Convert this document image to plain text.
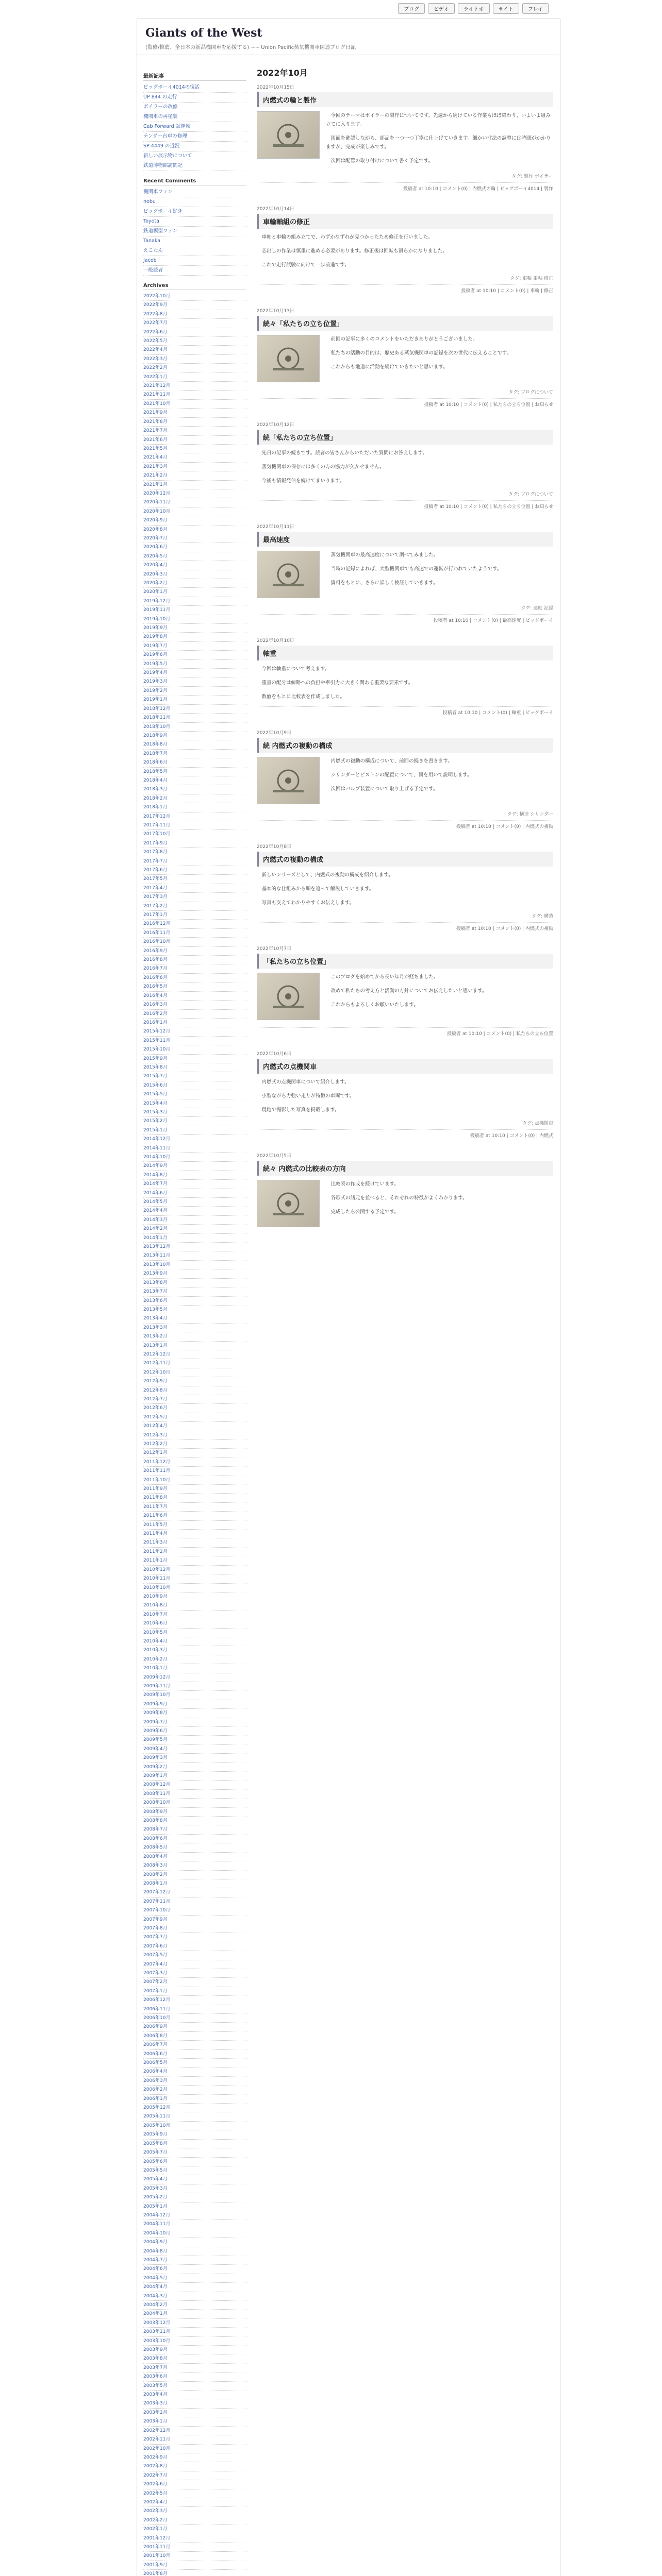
ブログ	ビデオ	ライトボ	サイト	フレイ
Giants of the West
(監修/推薦、全日本の新品機関車を応援する) ~~ Union Pacific蒸気機関車関連ブログ日記
最新記事
ビッグボーイ4014の復活
UP 844 の走行
ボイラーの改修
機関車の再塗装
Cab Forward 試運転
テンダー台車の修理
SP 4449 の近況
新しい展示物について
鉄道博物館訪問記
Recent Comments
機関車ファン
nobu
ビッグボーイ好き
Toyota
鉄道模型ファン
Tanaka
えこたん
Jacob
一般読者
Archives
2022年10月
2022年9月
2022年8月
2022年7月
2022年6月
2022年5月
2022年4月
2022年3月
2022年2月
2022年1月
2021年12月
2021年11月
2021年10月
2021年9月
2021年8月
2021年7月
2021年6月
2021年5月
2021年4月
2021年3月
2021年2月
2021年1月
2020年12月
2020年11月
2020年10月
2020年9月
2020年8月
2020年7月
2020年6月
2020年5月
2020年4月
2020年3月
2020年2月
2020年1月
2019年12月
2019年11月
2019年10月
2019年9月
2019年8月
2019年7月
2019年6月
2019年5月
2019年4月
2019年3月
2019年2月
2019年1月
2018年12月
2018年11月
2018年10月
2018年9月
2018年8月
2018年7月
2018年6月
2018年5月
2018年4月
2018年3月
2018年2月
2018年1月
2017年12月
2017年11月
2017年10月
2017年9月
2017年8月
2017年7月
2017年6月
2017年5月
2017年4月
2017年3月
2017年2月
2017年1月
2016年12月
2016年11月
2016年10月
2016年9月
2016年8月
2016年7月
2016年6月
2016年5月
2016年4月
2016年3月
2016年2月
2016年1月
2015年12月
2015年11月
2015年10月
2015年9月
2015年8月
2015年7月
2015年6月
2015年5月
2015年4月
2015年3月
2015年2月
2015年1月
2014年12月
2014年11月
2014年10月
2014年9月
2014年8月
2014年7月
2014年6月
2014年5月
2014年4月
2014年3月
2014年2月
2014年1月
2013年12月
2013年11月
2013年10月
2013年9月
2013年8月
2013年7月
2013年6月
2013年5月
2013年4月
2013年3月
2013年2月
2013年1月
2012年12月
2012年11月
2012年10月
2012年9月
2012年8月
2012年7月
2012年6月
2012年5月
2012年4月
2012年3月
2012年2月
2012年1月
2011年12月
2011年11月
2011年10月
2011年9月
2011年8月
2011年7月
2011年6月
2011年5月
2011年4月
2011年3月
2011年2月
2011年1月
2010年12月
2010年11月
2010年10月
2010年9月
2010年8月
2010年7月
2010年6月
2010年5月
2010年4月
2010年3月
2010年2月
2010年1月
2009年12月
2009年11月
2009年10月
2009年9月
2009年8月
2009年7月
2009年6月
2009年5月
2009年4月
2009年3月
2009年2月
2009年1月
2008年12月
2008年11月
2008年10月
2008年9月
2008年8月
2008年7月
2008年6月
2008年5月
2008年4月
2008年3月
2008年2月
2008年1月
2007年12月
2007年11月
2007年10月
2007年9月
2007年8月
2007年7月
2007年6月
2007年5月
2007年4月
2007年3月
2007年2月
2007年1月
2006年12月
2006年11月
2006年10月
2006年9月
2006年8月
2006年7月
2006年6月
2006年5月
2006年4月
2006年3月
2006年2月
2006年1月
2005年12月
2005年11月
2005年10月
2005年9月
2005年8月
2005年7月
2005年6月
2005年5月
2005年4月
2005年3月
2005年2月
2005年1月
2004年12月
2004年11月
2004年10月
2004年9月
2004年8月
2004年7月
2004年6月
2004年5月
2004年4月
2004年3月
2004年2月
2004年1月
2003年12月
2003年11月
2003年10月
2003年9月
2003年8月
2003年7月
2003年6月
2003年5月
2003年4月
2003年3月
2003年2月
2003年1月
2002年12月
2002年11月
2002年10月
2002年9月
2002年8月
2002年7月
2002年6月
2002年5月
2002年4月
2002年3月
2002年2月
2002年1月
2001年12月
2001年11月
2001年10月
2001年9月
2001年8月
2022年10月
2022年10月15日
内燃式の輪と製作

今回のテーマはボイラーの製作についてです。先週から続けている作業もほぼ終わり、いよいよ組み立てに入ります。

図面を確認しながら、部品を一つ一つ丁寧に仕上げていきます。細かい寸法の調整には時間がかかりますが、完成が楽しみです。

次回は配管の取り付けについて書く予定です。

タグ: 製作 ボイラー
投稿者 at 10:10 | コメント(0) | 内燃式の輪 | ビッグボーイ4014 | 製作
2022年10月14日
車輪軸組の修正

車軸と車輪の組み立てで、わずかなずれが見つかったため修正を行いました。

芯出しの作業は慎重に進める必要があります。修正後は回転も滑らかになりました。

これで走行試験に向けて一歩前進です。

タグ: 車輪 車軸 修正
投稿者 at 10:10 | コメント(0) | 車輪 | 修正
2022年10月13日
続々「私たちの立ち位置」

前回の記事に多くのコメントをいただきありがとうございました。

私たちの活動の目的は、歴史ある蒸気機関車の記録を次の世代に伝えることです。

これからも地道に活動を続けていきたいと思います。

タグ: ブログについて
投稿者 at 10:10 | コメント(0) | 私たちの立ち位置 | お知らせ
2022年10月12日
続「私たちの立ち位置」

先日の記事の続きです。読者の皆さんからいただいた質問にお答えします。

蒸気機関車の保存には多くの方の協力が欠かせません。

今後も情報発信を続けてまいります。

タグ: ブログについて
投稿者 at 10:10 | コメント(0) | 私たちの立ち位置 | お知らせ
2022年10月11日
最高速度

蒸気機関車の最高速度について調べてみました。

当時の記録によれば、大型機関車でも高速での運転が行われていたようです。

資料をもとに、さらに詳しく検証していきます。

タグ: 速度 記録
投稿者 at 10:10 | コメント(0) | 最高速度 | ビッグボーイ
2022年10月10日
軸重

今回は軸重について考えます。

重量の配分は線路への負担や牽引力に大きく関わる重要な要素です。

数値をもとに比較表を作成しました。

投稿者 at 10:10 | コメント(0) | 軸重 | ビッグボーイ
2022年10月9日
続 内燃式の複動の構成

内燃式の複動の構成について、前回の続きを書きます。

シリンダーとピストンの配置について、図を用いて説明します。

次回はバルブ装置について取り上げる予定です。

タグ: 構造 シリンダー
投稿者 at 10:10 | コメント(0) | 内燃式の複動
2022年10月8日
内燃式の複動の構成

新しいシリーズとして、内燃式の複動の構成を紹介します。

基本的な仕組みから順を追って解説していきます。

写真も交えてわかりやすくお伝えします。

タグ: 構造
投稿者 at 10:10 | コメント(0) | 内燃式の複動
2022年10月7日
「私たちの立ち位置」

このブログを始めてから長い年月が経ちました。

改めて私たちの考え方と活動の方針についてお伝えしたいと思います。

これからもよろしくお願いいたします。

投稿者 at 10:10 | コメント(0) | 私たちの立ち位置
2022年10月6日
内燃式の点機関車

内燃式の点機関車について紹介します。

小型ながら力強い走りが特徴の車両です。

現地で撮影した写真を掲載します。

タグ: 点機関車
投稿者 at 10:10 | コメント(0) | 内燃式
2022年10月5日
続々 内燃式の比較表の方向

比較表の作成を続けています。

各形式の諸元を並べると、それぞれの特徴がよくわかります。

完成したら公開する予定です。
